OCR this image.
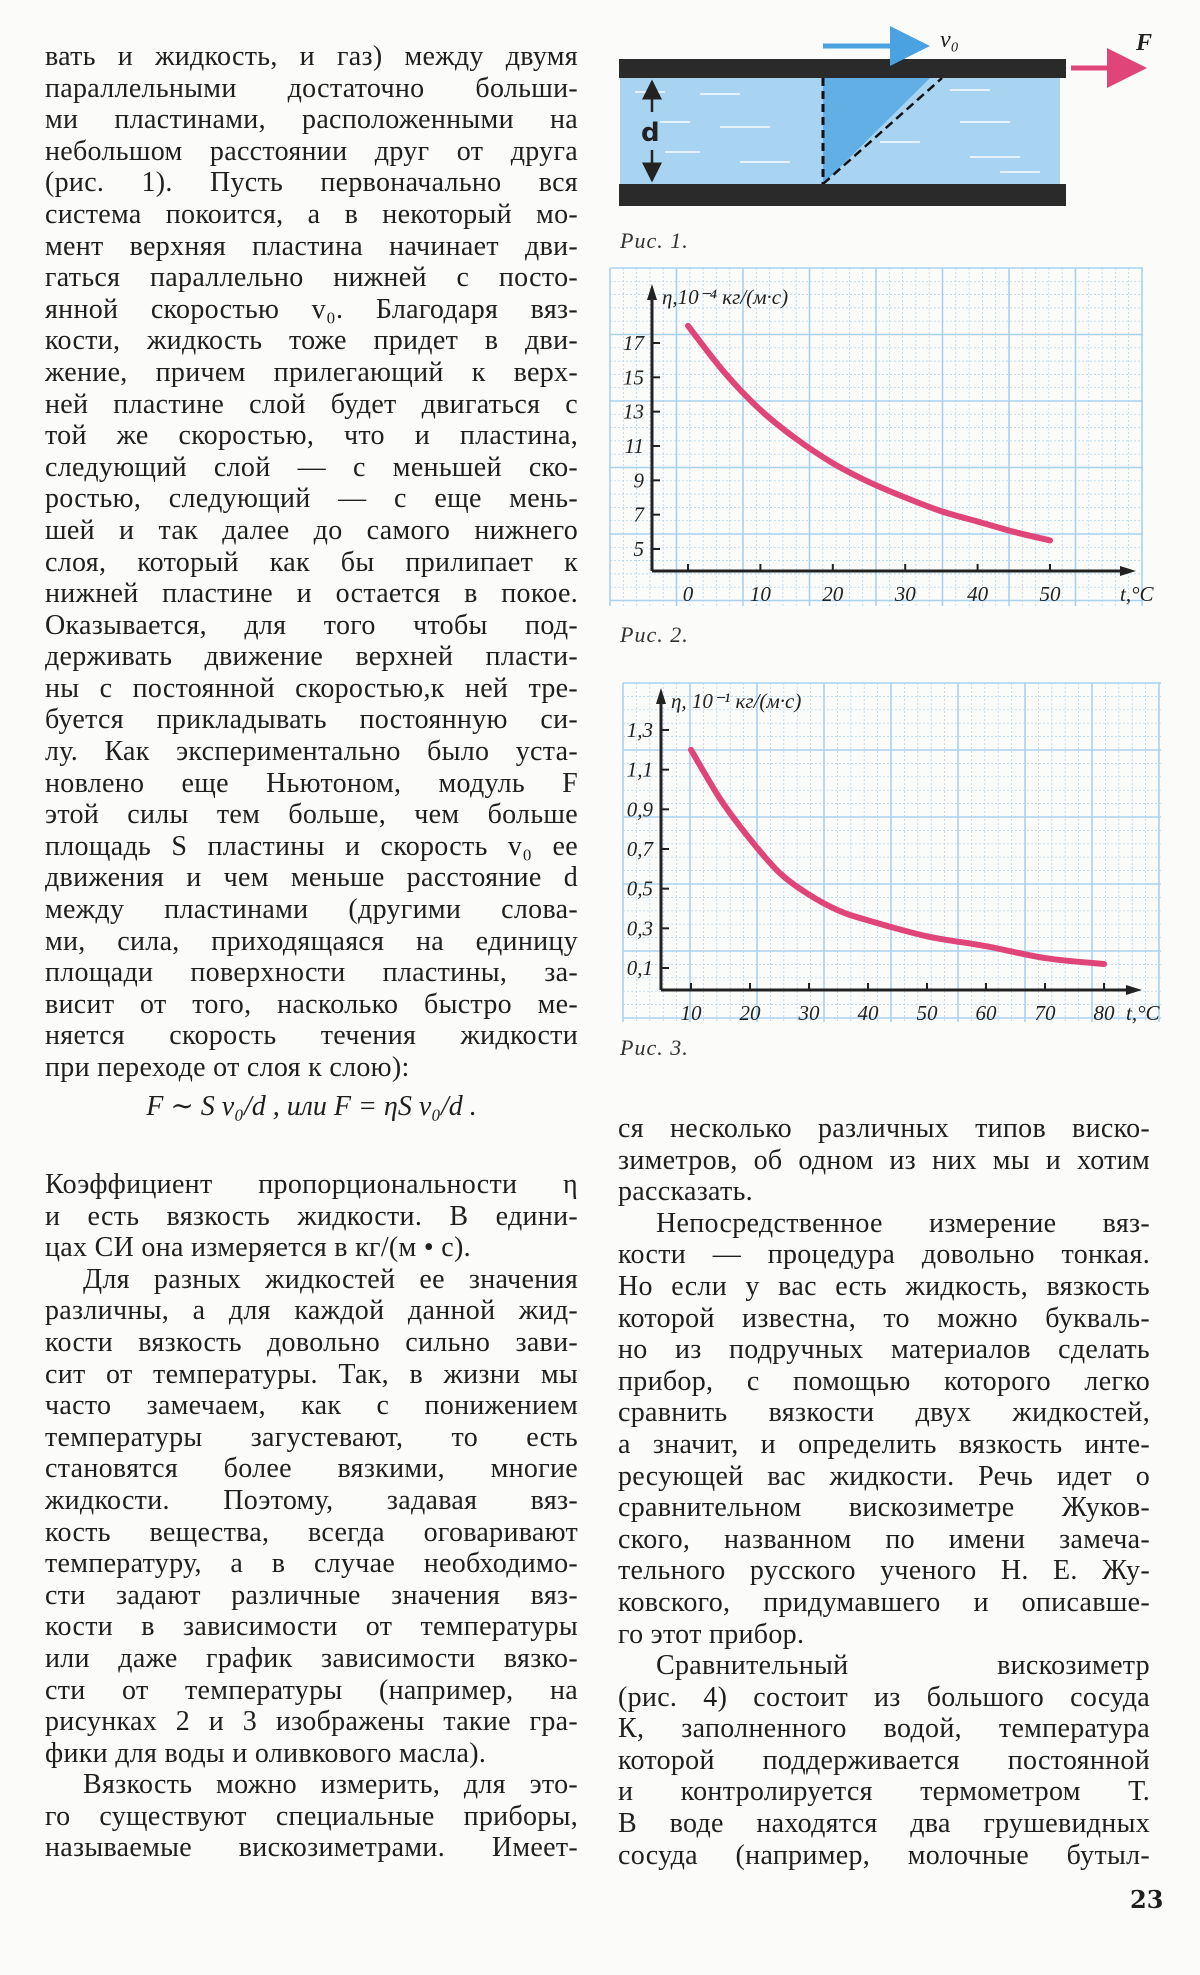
вать и жидкость, и газ) между двумя
параллельными достаточно больши-
ми пластинами, расположенными на
небольшом расстоянии друг от друга
(рис. 1). Пусть первоначально вся
система покоится, а в некоторый мо-
мент верхняя пластина начинает дви-
гаться параллельно нижней с посто-
янной скоростью v₀. Благодаря вяз-
кости, жидкость тоже придет в дви-
жение, причем прилегающий к верх-
ней пластине слой будет двигаться с
той же скоростью, что и пластина,
следующий слой — с меньшей ско-
ростью, следующий — с еще мень-
шей и так далее до самого нижнего
слоя, который как бы прилипает к
нижней пластине и остается в покое.
Оказывается, для того чтобы под-
держивать движение верхней пласти-
ны с постоянной скоростью,к ней тре-
буется прикладывать постоянную си-
лу. Как экспериментально было уста-
новлено еще Ньютоном, модуль F
этой силы тем больше, чем больше
площадь S пластины и скорость v₀ ее
движения и чем меньше расстояние d
между пластинами (другими слова-
ми, сила, приходящаяся на единицу
площади поверхности пластины, за-
висит от того, насколько быстро ме-
няется скорость течения жидкости
при переходе от слоя к слою):
F ∼ S v₀/d , или F = ηS v₀/d .
Коэффициент пропорциональности η
и есть вязкость жидкости. В едини-
цах СИ она измеряется в кг/(м • с).
Для разных жидкостей ее значения
различны, а для каждой данной жид-
кости вязкость довольно сильно зави-
сит от температуры. Так, в жизни мы
часто замечаем, как с понижением
температуры загустевают, то есть
становятся более вязкими, многие
жидкости. Поэтому, задавая вяз-
кость вещества, всегда оговаривают
температуру, а в случае необходимо-
сти задают различные значения вяз-
кости в зависимости от температуры
или даже график зависимости вязко-
сти от температуры (например, на
рисунках 2 и 3 изображены такие гра-
фики для воды и оливкового масла).
Вязкость можно измерить, для это-
го существуют специальные приборы,
называемые вискозиметрами. Имеет-
ся несколько различных типов виско-
зиметров, об одном из них мы и хотим
рассказать.
Непосредственное измерение вяз-
кости — процедура довольно тонкая.
Но если у вас есть жидкость, вязкость
которой известна, то можно букваль-
но из подручных материалов сделать
прибор, с помощью которого легко
сравнить вязкости двух жидкостей,
а значит, и определить вязкость инте-
ресующей вас жидкости. Речь идет о
сравнительном вискозиметре Жуков-
ского, названном по имени замеча-
тельного русского ученого Н. Е. Жу-
ковского, придумавшего и описавше-
го этот прибор.
Сравнительный вискозиметр
(рис. 4) состоит из большого сосуда
К, заполненного водой, температура
которой поддерживается постоянной
и контролируется термометром Т.
В воде находятся два грушевидных
сосуда (например, молочные бутыл-
d
v₀	F
Рис. 1.
0	10 20 30 40 50
5
7
9
11
13
15
17
η,10⁻⁴ кг/(м·с)
t,°C
Рис. 2.
10 20 30 40 50 60 70 80
1,3
1,1
0,9
0,7
0,5
0,3
0,1
η, 10⁻¹ кг/(м·с)
t,°C
Рис. 3.
23
